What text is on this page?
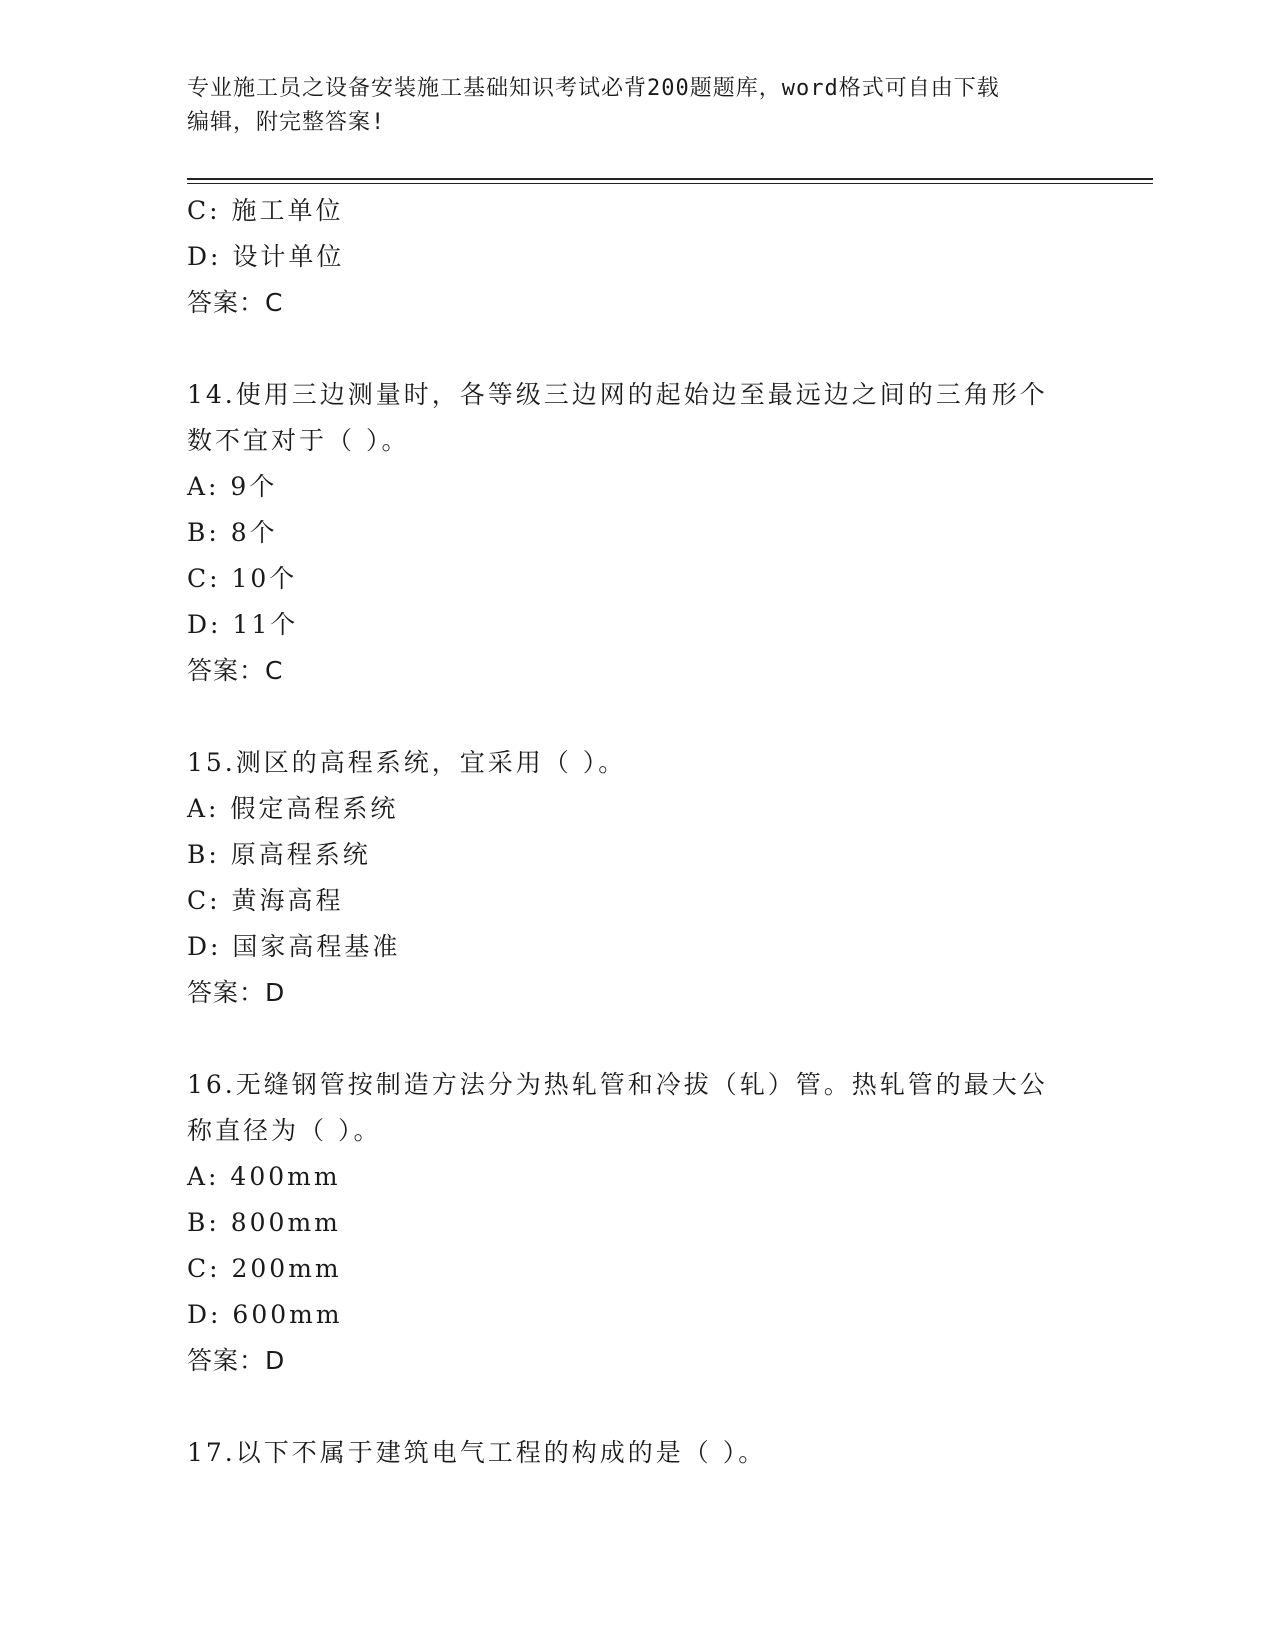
专业施工员之设备安装施工基础知识考试必背200题题库，word格式可自由下载
编辑，附完整答案!
C: 施工单位
D: 设计单位
答案：C
14.使用三边测量时，各等级三边网的起始边至最远边之间的三角形个
数不宜对于（ ）。
A: 9个
B: 8个
C: 10个
D: 11个
答案：C
15.测区的高程系统，宜采用（ ）。
A: 假定高程系统
B: 原高程系统
C: 黄海高程
D: 国家高程基准
答案：D
16.无缝钢管按制造方法分为热轧管和冷拔（轧）管。热轧管的最大公
称直径为（ ）。
A: 400mm
B: 800mm
C: 200mm
D: 600mm
答案：D
17.以下不属于建筑电气工程的构成的是（ ）。
